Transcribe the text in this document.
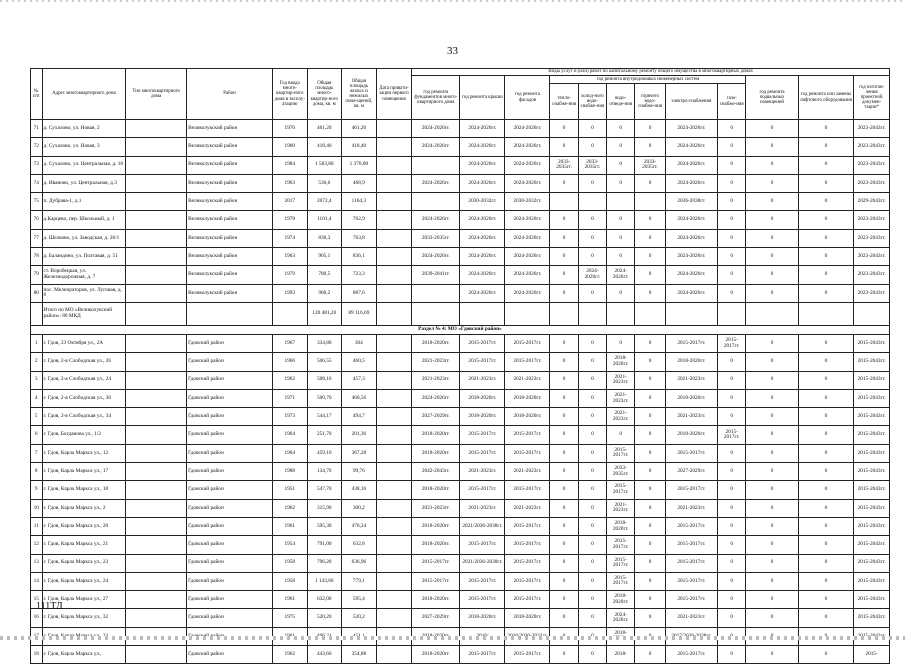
33
№ п/п	Адрес многоквартирного дома	Тип многоквартирного дома	Район	Год ввода много-квартир-ного дома в эксплу-атацию	Общая площадь много-квартир-ного дома, кв. м	Общая площадь жилых и нежилых поме-щений, кв. м	Дата привати-зации первого помещения	Виды услуг и (или) работ по капитальному ремонту общего имущества в многоквартирных домах											
								год ремонта фундаментов много-квартирного дома	год ремонта крыши	год ремонта фасадов	год ремонта внутридомовых инженерных систем						год ремонта подвальных помещений	год ремонта или замены лифтового оборудования	год изготов-ления проектной докумен-тации*
											тепло-снабже-ния	холод-ного водо-снабже-ния	водо-отведе-ния	горячего водо-снабже-ния	электро-снабжения	газо-снабже-ния			
71	д. Сухалово, ул. Новая, 2		Великолукский район	1970	461,20	461,20		2024-2026гг.	2024-2026гг.	2024-2026гг.	0	0	0	0	2024-2026гг.	0	0	0	2023-2043гг.
72	д. Сухалово, ул. Новая, 3		Великолукский район	1900	418,40	418,40		2024-2026гг.	2024-2026гг.	2024-2026гг.	0	0	0	0	2024-2026гг.	0	0	0	2023-2043гг.
73	д. Сухалово, ул. Центральная, д. 18		Великолукский район	1984	1 503,80	1 370,80			2024-2026гг.	2024-2026гг.	2033-2035гг.	2033-2035гг.	0	2033-2035гг.	2024-2026гг.	0	0	0	2023-2043гг.
74	д. Иваново, ул. Центральная, д.3		Великолукский район	1963	536,6	468,9		2024-2026гг.	2024-2026гг.	2024-2026гг.	0	0	0	0	2024-2026гг.	0	0	0	2023-2043гг.
75	п. Дубрава-1, д.1		Великолукский район	2017	2072,4	1164,3			2030-2032гг.	2030-2032гг.					2036-2038гг.	0	0	0	2029-2043гг.
76	д.Карцево, пер. Школьный, д. 1		Великолукский район	1978	1101,4	762,9		2024-2026гг.	2024-2026гг.	2024-2026гг.	0	0	0	0	2024-2026гг.	0	0	0	2023-2043гг.
77	д. Шелково, ул. Заводская, д. 26/1		Великолукский район	1974	836,3	763,8		2033-2035гг.	2024-2026гг.	2024-2026гг.	0	0	0	0	2024-2026гг.	0	0	0	2023-2043гг.
78	д. Баландино, ул. Полтавая, д. 51		Великолукский район	1963	905,1	836,1		2024-2026гг.	2024-2026гг.	2024-2026гг.	0	0	0	0	2024-2026гг.	0	0	0	2023-2043гг.
79	ст. Воробецкая, ул. Железнодорожная, д. 7		Великолукский район	1979	780,5	723,3		2039-2041гг.	2024-2026гг.	2024-2026гг.	0	2024-2026гг.	2024-2026гг.	0	2024-2026гг.	0	0	0	2023-2043гг.
80	пос. Мелиораторов, ул. Луговая, д. 6		Великолукский район	1993	960,2	887,6			2024-2026гг.	2024-2026гг.	0	0	0	0	2024-2026гг.	0	0	0	2023-2043гг.
	Итого по МО «Великолукский район»: 80 МКД				120 481,26	89 116,69													
Раздел № 4: МО «Гдовский район»																			
1	г. Гдов, 23 Октября ул., 2А		Гдовский район	1967	334,80	304		2018-2020гг.	2015-2017гг.	2015-2017гг.	0	0	0	0	2015-2017гг.	2015-2017гг.	0	0	2015-2043гг.
2	г. Гдов, 2-я Слободская ул., 26		Гдовский район	1966	506,55	460,5		2021-2023гг.	2015-2017гг.	2015-2017гг.	0	0	2018-2020гг.	0	2018-2020гг.	0	0	0	2015-2043гг.
3	г. Гдов, 2-я Слободская ул., 24		Гдовский район	1962	508,10	457,3		2021-2023гг.	2021-2023гг.	2021-2023гг.	0	0	2021-2023гг.	0	2021-2023гг.	0	0	0	2015-2043гг.
4	г. Гдов, 2-я Слободская ул., 30		Гдовский район	1971	500,70	460,56		2024-2026гг.	2018-2020гг.	2018-2020гг.	0	0	2021-2023гг.	0	2018-2020гг.	0	0	0	2015-2043гг.
5	г. Гдов, 2-я Слободская ул., 34		Гдовский район	1973	544,17	494,7		2027-2029гг.	2018-2020гг.	2018-2020гг.	0	0	2021-2023гг.	0	2021-2023гг.	0	0	0	2015-2043гг.
6	г. Гдов, Богданова ул., 1/2		Гдовский район	1964	251,70	201,36		2018-2020гг.	2015-2017гг.	2015-2017гг.	0	0	0	0	2018-2020гг.	2015-2017гг.	0	0	2015-2043гг.
7	г. Гдов, Карла Маркса ул., 12		Гдовский район	1964	459,10	367,28		2018-2020гг.	2015-2017гг.	2015-2017гг.	0	0	2015-2017гг.	0	2015-2017гг.	0	0	0	2015-2043гг.
8	г. Гдов, Карла Маркса ул., 17		Гдовский район	1988	134,70	99,76		2042-2043гг.	2021-2023гг.	2021-2023гг.	0	0	2033-2035гг.	0	2027-2029гг.	0	0	0	2015-2043гг.
9	г. Гдов, Карла Маркса ул., 18		Гдовский район	1951	547,70	438,16		2018-2020гг.	2015-2017гг.	2015-2017гг.	0	0	2015-2017гг.	0	2015-2017гг.	0	0	0	2015-2043гг.
10	г. Гдов, Карла Маркса ул., 2		Гдовский район	1962	315,90	300,2		2021-2023гг.	2021-2023гг.	2021-2023гг.	0	0	2021-2023гг.	0	2021-2023гг.	0	0	0	2015-2043гг.
11	г. Гдов, Карла Маркса ул., 20		Гдовский район	1961	595,30	476,24		2018-2020гг.	2021/2036-2038гг.	2015-2017гг.	0	0	2018-2020гг.	0	2015-2017гг.	0	0	0	2015-2043гг.
12	г. Гдов, Карла Маркса ул., 21		Гдовский район	1954	791,00	632,8		2018-2020гг.	2015-2017гг.	2015-2017гг.	0	0	2015-2017гг.	0	2015-2017гг.	0	0	0	2015-2043гг.
13	г. Гдов, Карла Маркса ул., 23		Гдовский район	1958	796,20	636,96		2015-2017гг.	2021/2036-2038гг.	2015-2017гг.	0	0	2015-2017гг.	0	2015-2017гг.	0	0	0	2015-2043гг.
14	г. Гдов, Карла Маркса ул., 24		Гдовский район	1958	1 143,60	779,1		2015-2017гг.	2015-2017гг.	2015-2017гг.	0	0	2015-2017гг.	0	2015-2017гг.	0	0	0	2015-2043гг.
15	г. Гдов, Карла Маркса ул., 27		Гдовский район	1961	632,00	595,4		2018-2020гг.	2015-2017гг.	2015-2017гг.	0	0	2018-2020гг.	0	2015-2017гг.	0	0	0	2015-2043гг.
16	г. Гдов, Карла Маркса ул., 32		Гдовский район	1975	520,20	520,2		2027-2029гг.	2018-2020гг.	2018-2020гг.	0	0	2024-2026гг.	0	2021-2023гг.	0	0	0	2015-2043гг.
													2018-						
18	г. Гдов, Карла Маркса ул.,		Гдовский район	1962	443,60	354,88		2018-2020гг.	2015-2017гг.	2015-2017гг.	0	0	2018-	0	2015-2017гг.	0	0	0	2015-
111ТЛ
